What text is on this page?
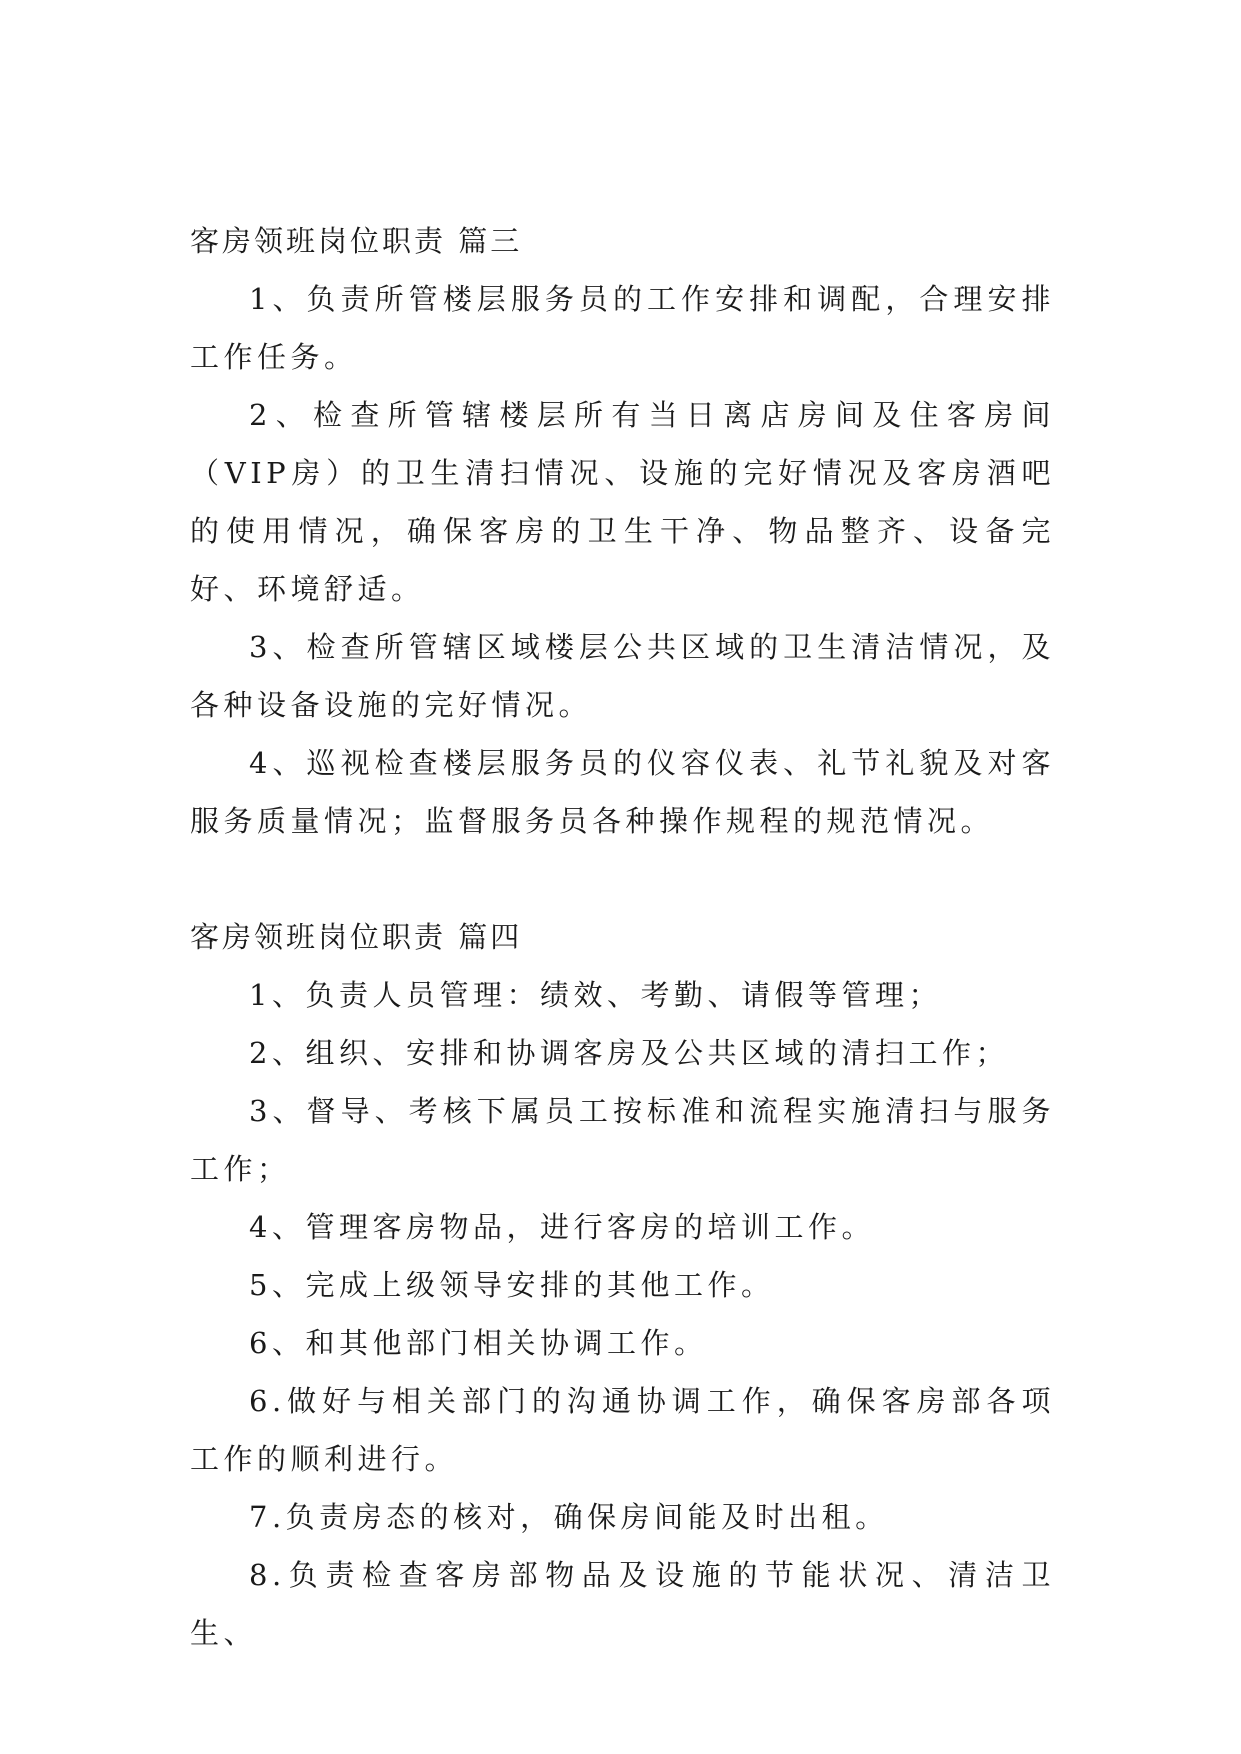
客房领班岗位职责 篇三

1、负责所管楼层服务员的工作安排和调配，合理安排工作任务。

2、检查所管辖楼层所有当日离店房间及住客房间（VIP房）的卫生清扫情况、设施的完好情况及客房酒吧的使用情况，确保客房的卫生干净、物品整齐、设备完好、环境舒适。

3、检查所管辖区域楼层公共区域的卫生清洁情况，及各种设备设施的完好情况。

4、巡视检查楼层服务员的仪容仪表、礼节礼貌及对客服务质量情况；监督服务员各种操作规程的规范情况。

客房领班岗位职责 篇四

1、负责人员管理：绩效、考勤、请假等管理；

2、组织、安排和协调客房及公共区域的清扫工作；

3、督导、考核下属员工按标准和流程实施清扫与服务工作；

4、管理客房物品，进行客房的培训工作。

5、完成上级领导安排的其他工作。

6、和其他部门相关协调工作。

6.做好与相关部门的沟通协调工作，确保客房部各项工作的顺利进行。

7.负责房态的核对，确保房间能及时出租。

8.负责检查客房部物品及设施的节能状况、清洁卫生、
